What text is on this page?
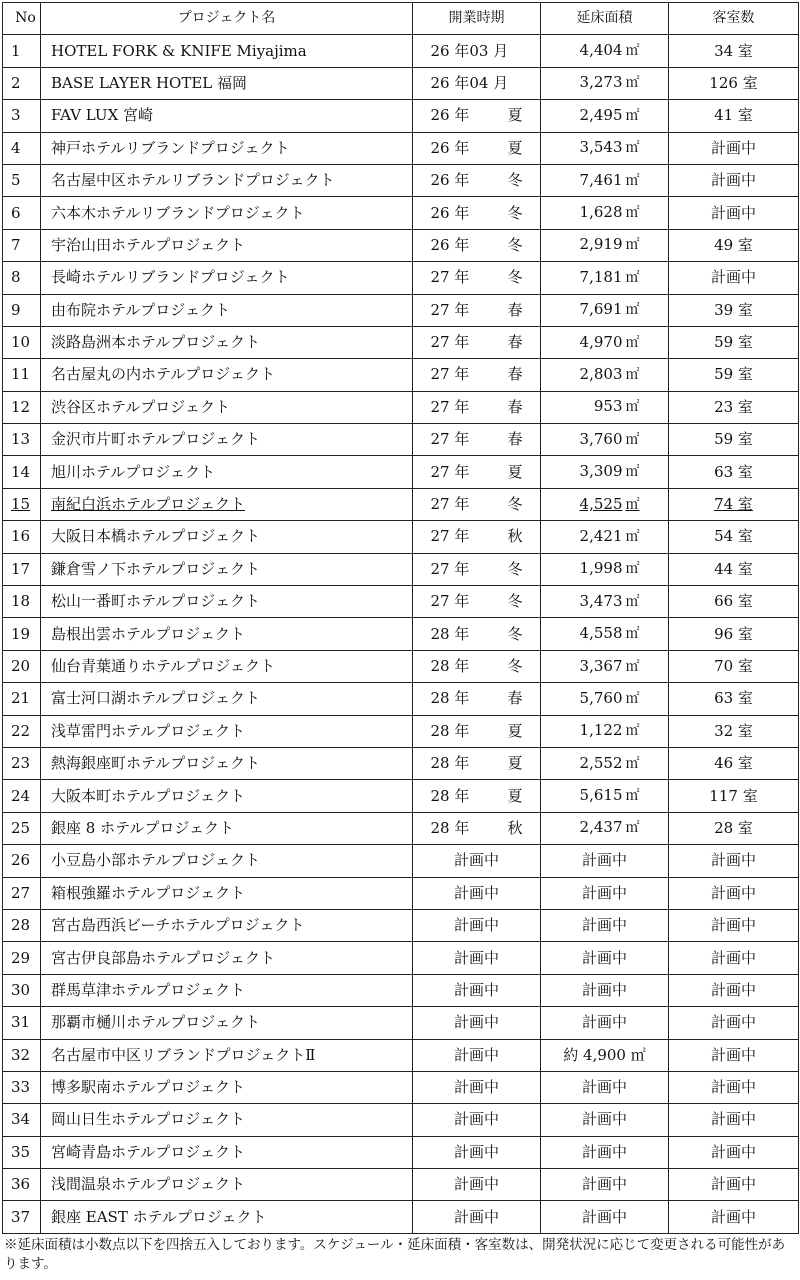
No	プロジェクト名	開業時期	延床面積	客室数
1	HOTEL FORK & KNIFE Miyajima	26 年03 月	4,404 ㎡	34 室
2	BASE LAYER HOTEL 福岡	26 年04 月	3,273 ㎡	126 室
3	FAV LUX 宮崎	26 年 夏	2,495 ㎡	41 室
4	神戸ホテルリブランドプロジェクト	26 年 夏	3,543 ㎡	計画中
5	名古屋中区ホテルリブランドプロジェクト	26 年 冬	7,461 ㎡	計画中
6	六本木ホテルリブランドプロジェクト	26 年 冬	1,628 ㎡	計画中
7	宇治山田ホテルプロジェクト	26 年 冬	2,919 ㎡	49 室
8	長崎ホテルリブランドプロジェクト	27 年 冬	7,181 ㎡	計画中
9	由布院ホテルプロジェクト	27 年 春	7,691 ㎡	39 室
10	淡路島洲本ホテルプロジェクト	27 年 春	4,970 ㎡	59 室
11	名古屋丸の内ホテルプロジェクト	27 年 春	2,803 ㎡	59 室
12	渋谷区ホテルプロジェクト	27 年 春	953 ㎡	23 室
13	金沢市片町ホテルプロジェクト	27 年 春	3,760 ㎡	59 室
14	旭川ホテルプロジェクト	27 年 夏	3,309 ㎡	63 室
15	南紀白浜ホテルプロジェクト	27 年 冬	4,525 ㎡	74 室
16	大阪日本橋ホテルプロジェクト	27 年 秋	2,421 ㎡	54 室
17	鎌倉雪ノ下ホテルプロジェクト	27 年 冬	1,998 ㎡	44 室
18	松山一番町ホテルプロジェクト	27 年 冬	3,473 ㎡	66 室
19	島根出雲ホテルプロジェクト	28 年 冬	4,558 ㎡	96 室
20	仙台青葉通りホテルプロジェクト	28 年 冬	3,367 ㎡	70 室
21	富士河口湖ホテルプロジェクト	28 年 春	5,760 ㎡	63 室
22	浅草雷門ホテルプロジェクト	28 年 夏	1,122 ㎡	32 室
23	熱海銀座町ホテルプロジェクト	28 年 夏	2,552 ㎡	46 室
24	大阪本町ホテルプロジェクト	28 年 夏	5,615 ㎡	117 室
25	銀座 8 ホテルプロジェクト	28 年 秋	2,437 ㎡	28 室
26	小豆島小部ホテルプロジェクト	計画中	計画中	計画中
27	箱根強羅ホテルプロジェクト	計画中	計画中	計画中
28	宮古島西浜ビーチホテルプロジェクト	計画中	計画中	計画中
29	宮古伊良部島ホテルプロジェクト	計画中	計画中	計画中
30	群馬草津ホテルプロジェクト	計画中	計画中	計画中
31	那覇市樋川ホテルプロジェクト	計画中	計画中	計画中
32	名古屋市中区リブランドプロジェクトⅡ	計画中	約 4,900 ㎡	計画中
33	博多駅南ホテルプロジェクト	計画中	計画中	計画中
34	岡山日生ホテルプロジェクト	計画中	計画中	計画中
35	宮崎青島ホテルプロジェクト	計画中	計画中	計画中
36	浅間温泉ホテルプロジェクト	計画中	計画中	計画中
37	銀座 EAST ホテルプロジェクト	計画中	計画中	計画中
※延床面積は小数点以下を四捨五入しております。スケジュール・延床面積・客室数は、開発状況に応じて変更される可能性があります。
